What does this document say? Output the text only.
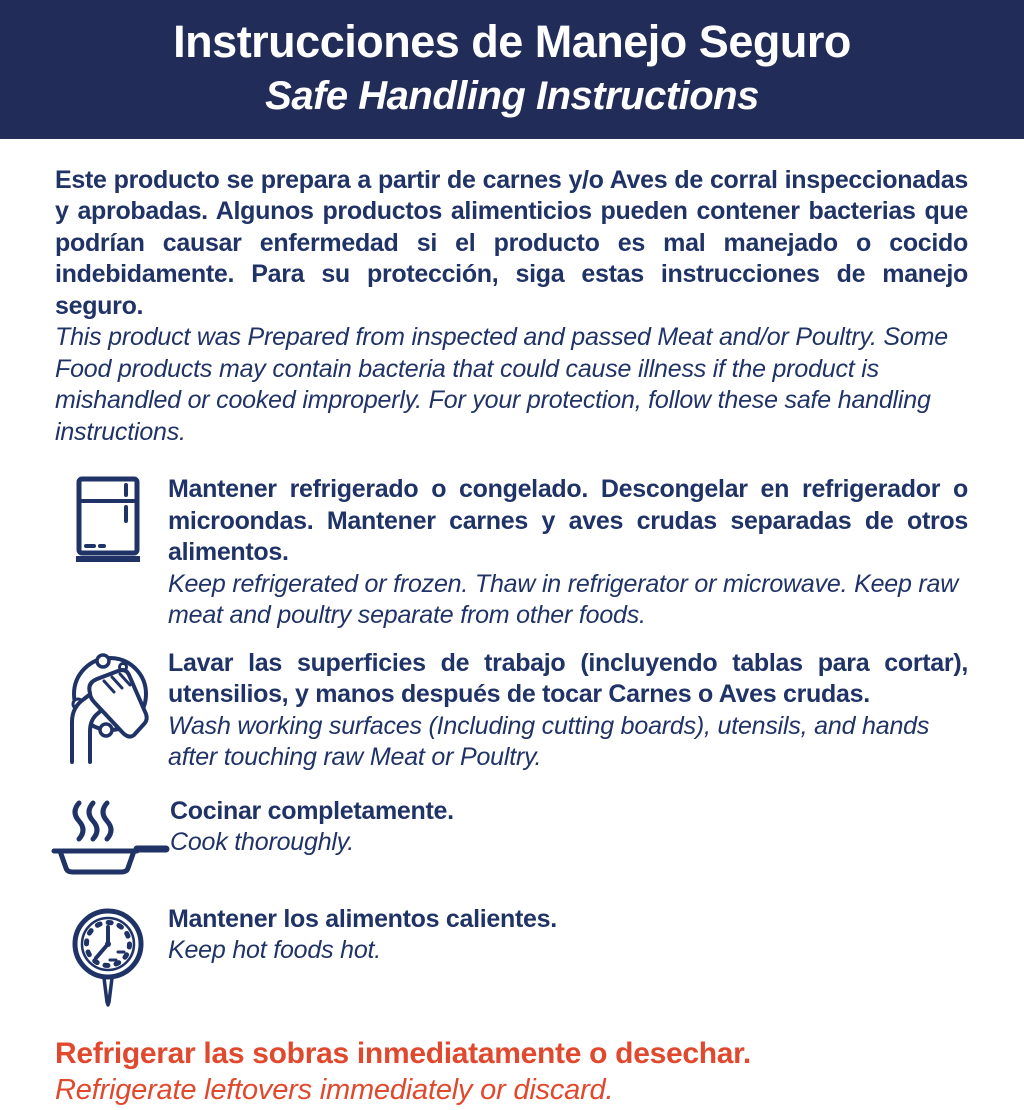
Instrucciones de Manejo Seguro
Safe Handling Instructions

Este producto se prepara a partir de carnes y/o Aves de corral inspeccionadas y aprobadas. Algunos productos alimenticios pueden contener bacterias que podrían causar enfermedad si el producto es mal manejado o cocido indebidamente. Para su protección, siga estas instrucciones de manejo seguro.

This product was Prepared from inspected and passed Meat and/or Poultry. Some Food products may contain bacteria that could cause illness if the product is mishandled or cooked improperly. For your protection, follow these safe handling instructions.

Mantener refrigerado o congelado. Descongelar en refrigerador o microondas. Mantener carnes y aves crudas separadas de otros alimentos.

Keep refrigerated or frozen. Thaw in refrigerator or microwave. Keep raw meat and poultry separate from other foods.

Lavar las superficies de trabajo (incluyendo tablas para cortar), utensilios, y manos después de tocar Carnes o Aves crudas.

Wash working surfaces (Including cutting boards), utensils, and hands after touching raw Meat or Poultry.

Cocinar completamente.

Cook thoroughly.

Mantener los alimentos calientes.

Keep hot foods hot.

Refrigerar las sobras inmediatamente o desechar.

Refrigerate leftovers immediately or discard.
